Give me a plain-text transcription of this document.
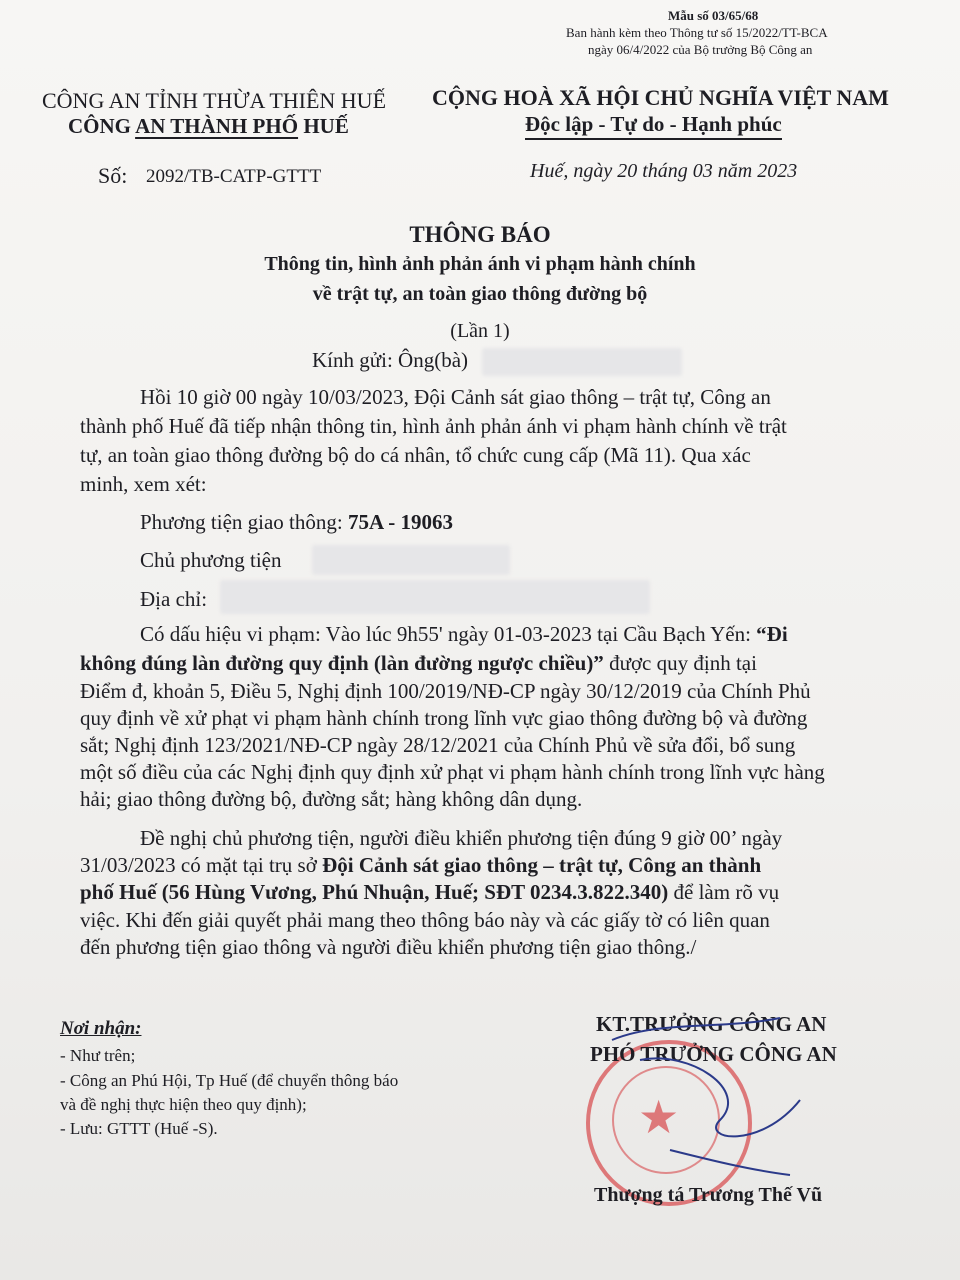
Mẫu số 03/65/68
Ban hành kèm theo Thông tư số 15/2022/TT-BCA
ngày 06/4/2022 của Bộ trưởng Bộ Công an
CÔNG AN TỈNH THỪA THIÊN HUẾ
CÔNG AN THÀNH PHỐ HUẾ
CỘNG HOÀ XÃ HỘI CHỦ NGHĨA VIỆT NAM
Độc lập - Tự do - Hạnh phúc
Số: 2092/TB-CATP-GTTT	Huế, ngày 20 tháng 03 năm 2023
THÔNG BÁO
Thông tin, hình ảnh phản ánh vi phạm hành chính
về trật tự, an toàn giao thông đường bộ
(Lần 1)
Kính gửi: Ông(bà)
Hồi 10 giờ 00 ngày 10/03/2023, Đội Cảnh sát giao thông – trật tự, Công an
thành phố Huế đã tiếp nhận thông tin, hình ảnh phản ánh vi phạm hành chính về trật
tự, an toàn giao thông đường bộ do cá nhân, tổ chức cung cấp (Mã 11). Qua xác
minh, xem xét:
Phương tiện giao thông: 75A - 19063
Chủ phương tiện
Địa chỉ:
Có dấu hiệu vi phạm: Vào lúc 9h55' ngày 01-03-2023 tại Cầu Bạch Yến: “Đi
không đúng làn đường quy định (làn đường ngược chiều)” được quy định tại
Điểm đ, khoản 5, Điều 5, Nghị định 100/2019/NĐ-CP ngày 30/12/2019 của Chính Phủ
quy định về xử phạt vi phạm hành chính trong lĩnh vực giao thông đường bộ và đường
sắt; Nghị định 123/2021/NĐ-CP ngày 28/12/2021 của Chính Phủ về sửa đổi, bổ sung
một số điều của các Nghị định quy định xử phạt vi phạm hành chính trong lĩnh vực hàng
hải; giao thông đường bộ, đường sắt; hàng không dân dụng.
Đề nghị chủ phương tiện, người điều khiển phương tiện đúng 9 giờ 00’ ngày
31/03/2023 có mặt tại trụ sở Đội Cảnh sát giao thông – trật tự, Công an thành
phố Huế (56 Hùng Vương, Phú Nhuận, Huế; SĐT 0234.3.822.340) để làm rõ vụ
việc. Khi đến giải quyết phải mang theo thông báo này và các giấy tờ có liên quan
đến phương tiện giao thông và người điều khiển phương tiện giao thông./
★
Nơi nhận:
- Như trên;
- Công an Phú Hội, Tp Huế (để chuyển thông báo
và đề nghị thực hiện theo quy định);
- Lưu: GTTT (Huế -S).
KT.TRƯỞNG CÔNG AN
PHÓ TRƯỞNG CÔNG AN
Thượng tá Trương Thế Vũ
